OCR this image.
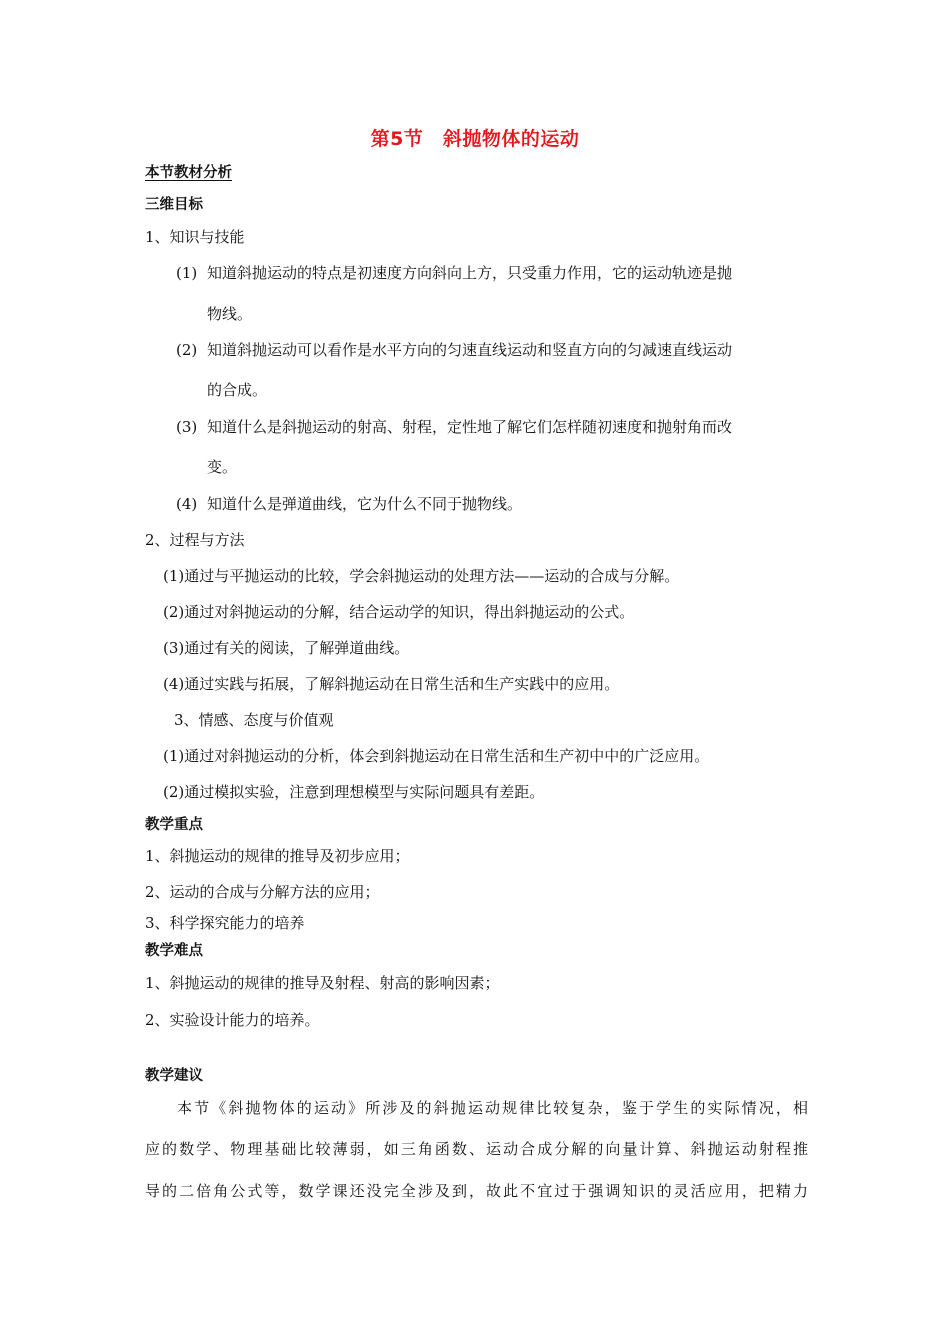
第5节　斜抛物体的运动
本节教材分析
三维目标
1、知识与技能
(1) 知道斜抛运动的特点是初速度方向斜向上方，只受重力作用，它的运动轨迹是抛
物线。
(2) 知道斜抛运动可以看作是水平方向的匀速直线运动和竖直方向的匀减速直线运动
的合成。
(3) 知道什么是斜抛运动的射高、射程，定性地了解它们怎样随初速度和抛射角而改
变。
(4) 知道什么是弹道曲线，它为什么不同于抛物线。
2、过程与方法
(1)通过与平抛运动的比较，学会斜抛运动的处理方法——运动的合成与分解。
(2)通过对斜抛运动的分解，结合运动学的知识，得出斜抛运动的公式。
(3)通过有关的阅读，了解弹道曲线。
(4)通过实践与拓展，了解斜抛运动在日常生活和生产实践中的应用。
3、情感、态度与价值观
(1)通过对斜抛运动的分析，体会到斜抛运动在日常生活和生产初中中的广泛应用。
(2)通过模拟实验，注意到理想模型与实际问题具有差距。
教学重点
1、斜抛运动的规律的推导及初步应用；
2、运动的合成与分解方法的应用；
3、科学探究能力的培养
教学难点
1、斜抛运动的规律的推导及射程、射高的影响因素；
2、实验设计能力的培养。
教学建议
本节《斜抛物体的运动》所涉及的斜抛运动规律比较复杂，鉴于学生的实际情况，相
应的数学、物理基础比较薄弱，如三角函数、运动合成分解的向量计算、斜抛运动射程推
导的二倍角公式等，数学课还没完全涉及到，故此不宜过于强调知识的灵活应用，把精力
